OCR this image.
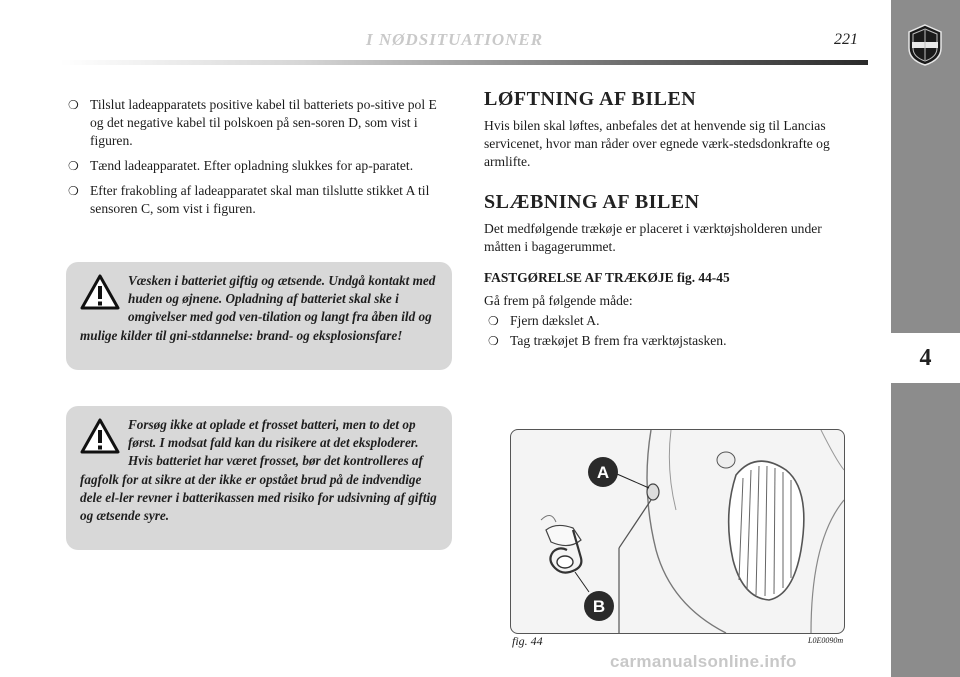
I NØDSITUATIONER	221
4
❍ Tilslut ladeapparatets positive kabel til batteriets po-sitive pol E og det negative kabel til polskoen på sen-soren D, som vist i figuren.
❍ Tænd ladeapparatet. Efter opladning slukkes for ap-paratet.
❍ Efter frakobling af ladeapparatet skal man tilslutte stikket A til sensoren C, som vist i figuren.
Væsken i batteriet giftig og ætsende. Undgå kontakt med huden og øjnene. Opladning af batteriet skal ske i omgivelser med god ven-tilation og langt fra åben ild og mulige kilder til gni-stdannelse: brand- og eksplosionsfare!
Forsøg ikke at oplade et frosset batteri, men to det op først. I modsat fald kan du risikere at det eksploderer. Hvis batteriet har været frosset, bør det kontrolleres af fagfolk for at sikre at der ikke er opstået brud på de indvendige dele el-ler revner i batterikassen med risiko for udsivning af giftig og ætsende syre.
LØFTNING AF BILEN

Hvis bilen skal løftes, anbefales det at henvende sig til Lancias servicenet, hvor man råder over egnede værk-stedsdonkrafte og armlifte.

SLÆBNING AF BILEN

Det medfølgende trækøje er placeret i værktøjsholderen under måtten i bagagerummet.

FASTGØRELSE AF TRÆKØJE fig. 44-45

Gå frem på følgende måde:

❍ Fjern dækslet A.
❍ Tag trækøjet B frem fra værktøjstasken.
A
B
fig. 44	L0E0090m
carmanualsonline.info
